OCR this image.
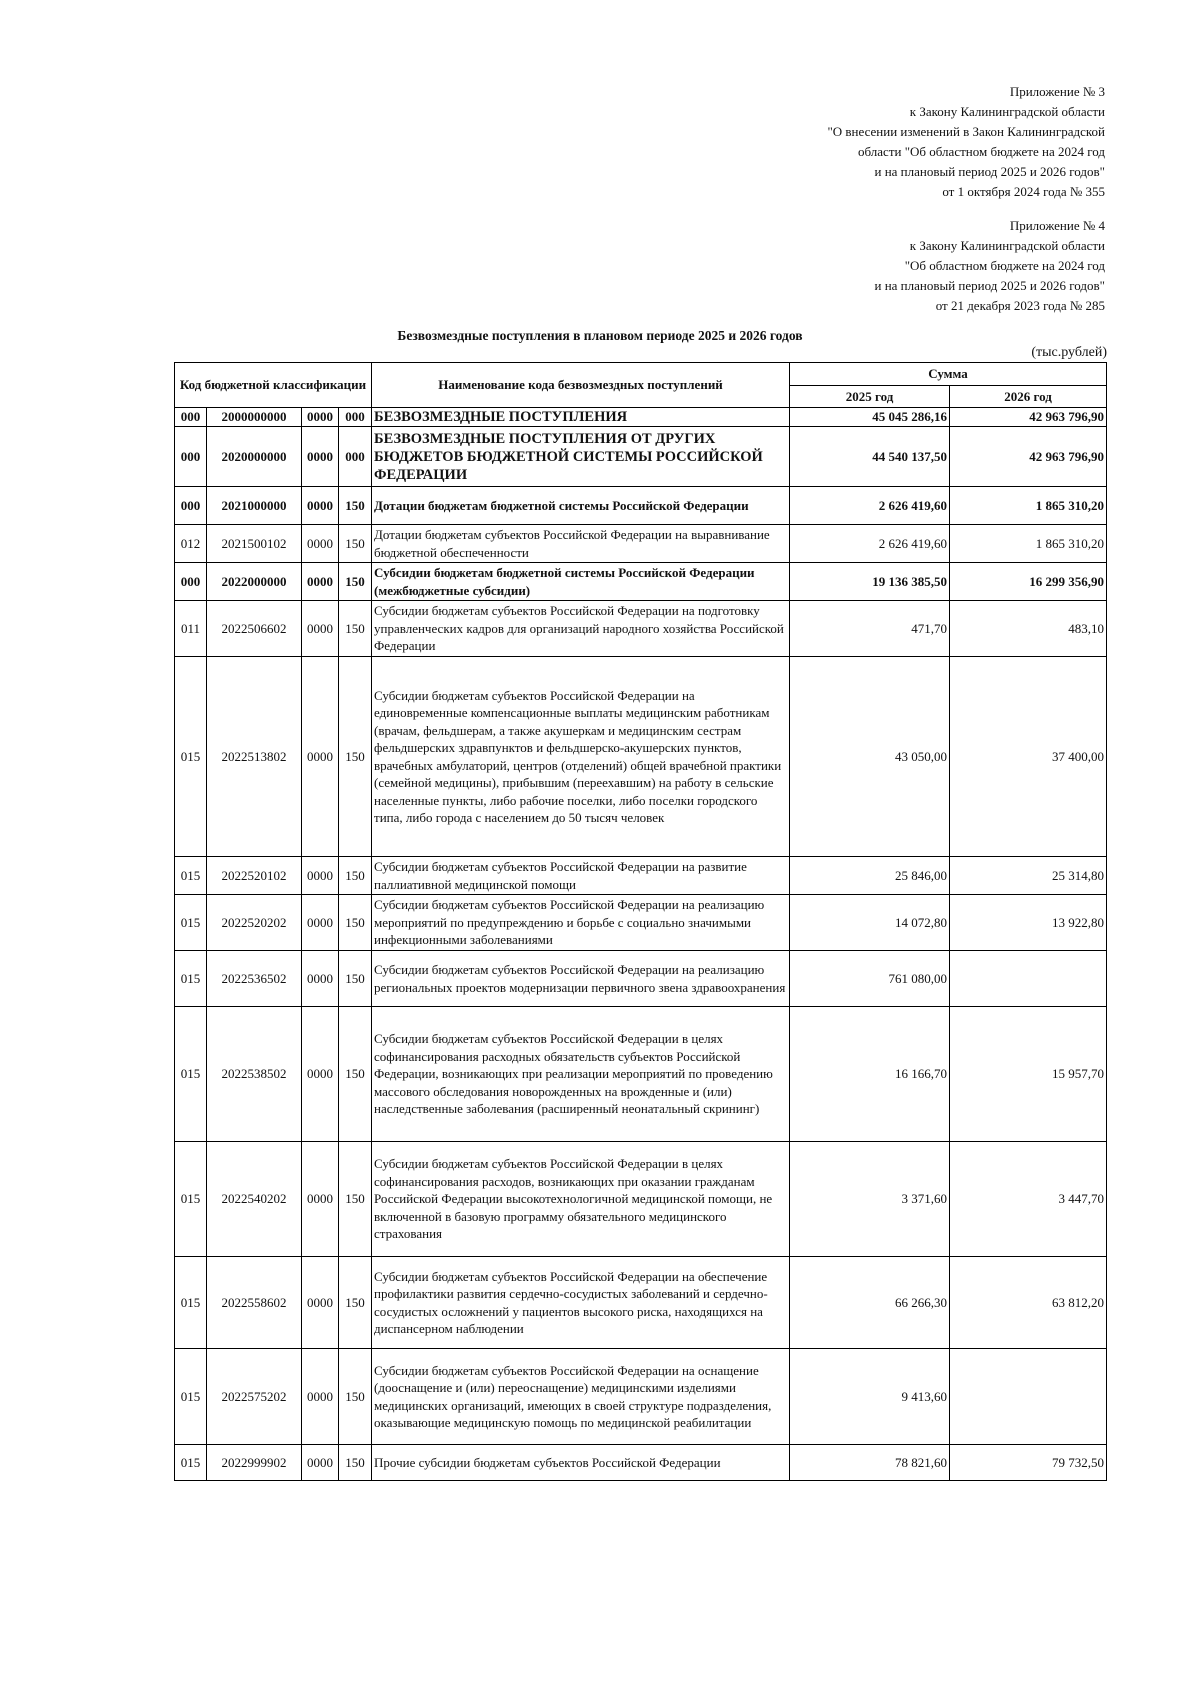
Приложение № 3
к Закону Калининградской области
"О внесении изменений в Закон Калининградской
области "Об областном бюджете на 2024 год
и на плановый период 2025 и 2026 годов"
от 1 октября 2024 года № 355
Приложение № 4
к Закону Калининградской области
"Об областном бюджете на 2024 год
и на плановый период 2025 и 2026 годов"
от 21 декабря 2023 года № 285
Безвозмездные поступления в плановом периоде 2025 и 2026 годов
(тыс.рублей)
Код бюджетной классификации				Наименование кода безвозмездных поступлений	Сумма	
					2025 год	2026 год
000	2000000000	0000	000	БЕЗВОЗМЕЗДНЫЕ ПОСТУПЛЕНИЯ	45 045 286,16	42 963 796,90
000	2020000000	0000	000	БЕЗВОЗМЕЗДНЫЕ ПОСТУПЛЕНИЯ ОТ ДРУГИХ БЮДЖЕТОВ БЮДЖЕТНОЙ СИСТЕМЫ РОССИЙСКОЙ ФЕДЕРАЦИИ	44 540 137,50	42 963 796,90
000	2021000000	0000	150	Дотации бюджетам бюджетной системы Российской Федерации	2 626 419,60	1 865 310,20
012	2021500102	0000	150	Дотации бюджетам субъектов Российской Федерации на выравнивание бюджетной обеспеченности	2 626 419,60	1 865 310,20
000	2022000000	0000	150	Субсидии бюджетам бюджетной системы Российской Федерации (межбюджетные субсидии)	19 136 385,50	16 299 356,90
011	2022506602	0000	150	Субсидии бюджетам субъектов Российской Федерации на подготовку управленческих кадров для организаций народного хозяйства Российской Федерации	471,70	483,10
015	2022513802	0000	150	Субсидии бюджетам субъектов Российской Федерации на единовременные компенсационные выплаты медицинским работникам (врачам, фельдшерам, а также акушеркам и медицинским сестрам фельдшерских здравпунктов и фельдшерско-акушерских пунктов, врачебных амбулаторий, центров (отделений) общей врачебной практики (семейной медицины), прибывшим (переехавшим) на работу в сельские населенные пункты, либо рабочие поселки, либо поселки городского типа, либо города с населением до 50 тысяч человек	43 050,00	37 400,00
015	2022520102	0000	150	Субсидии бюджетам субъектов Российской Федерации на развитие паллиативной медицинской помощи	25 846,00	25 314,80
015	2022520202	0000	150	Субсидии бюджетам субъектов Российской Федерации на реализацию мероприятий по предупреждению и борьбе с социально значимыми инфекционными заболеваниями	14 072,80	13 922,80
015	2022536502	0000	150	Субсидии бюджетам субъектов Российской Федерации на реализацию региональных проектов модернизации первичного звена здравоохранения	761 080,00	
015	2022538502	0000	150	Субсидии бюджетам субъектов Российской Федерации в целях софинансирования расходных обязательств субъектов Российской Федерации, возникающих при реализации мероприятий по проведению массового обследования новорожденных на врожденные и (или) наследственные заболевания (расширенный неонатальный скрининг)	16 166,70	15 957,70
015	2022540202	0000	150	Субсидии бюджетам субъектов Российской Федерации в целях софинансирования расходов, возникающих при оказании гражданам Российской Федерации высокотехнологичной медицинской помощи, не включенной в базовую программу обязательного медицинского страхования	3 371,60	3 447,70
015	2022558602	0000	150	Субсидии бюджетам субъектов Российской Федерации на обеспечение профилактики развития сердечно-сосудистых заболеваний и сердечно-сосудистых осложнений у пациентов высокого риска, находящихся на диспансерном наблюдении	66 266,30	63 812,20
015	2022575202	0000	150	Субсидии бюджетам субъектов Российской Федерации на оснащение (дооснащение и (или) переоснащение) медицинскими изделиями медицинских организаций, имеющих в своей структуре подразделения, оказывающие медицинскую помощь по медицинской реабилитации	9 413,60	
015	2022999902	0000	150	Прочие субсидии бюджетам субъектов Российской Федерации	78 821,60	79 732,50
